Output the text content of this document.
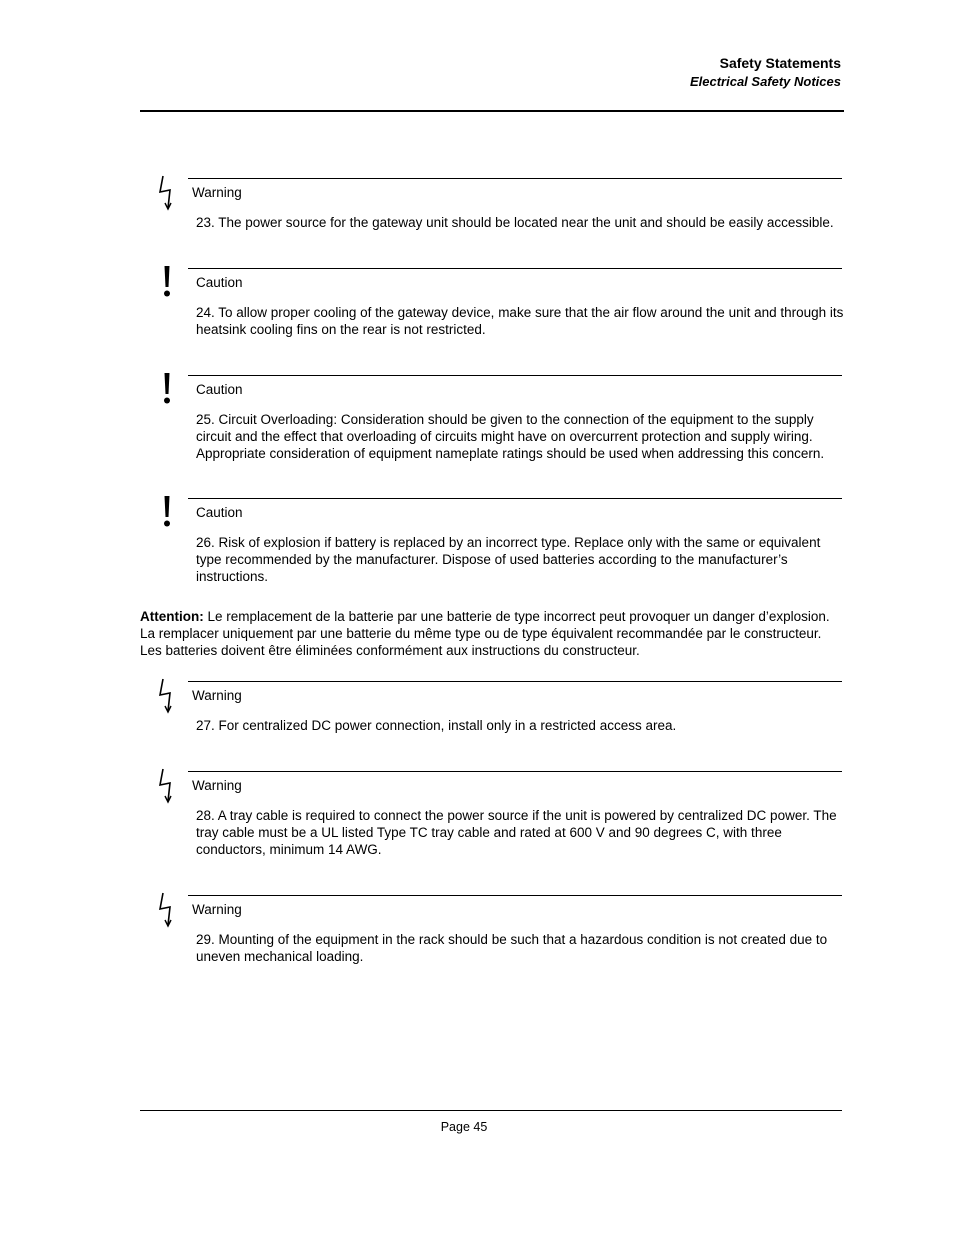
Safety Statements
Electrical Safety Notices
Warning
23. The power source for the gateway unit should be located near the unit and should be easily accessible.
Caution
24. To allow proper cooling of the gateway device, make sure that the air flow around the unit and through its heatsink cooling fins on the rear is not restricted.
Caution
25. Circuit Overloading: Consideration should be given to the connection of the equipment to the supply circuit and the effect that overloading of circuits might have on overcurrent protection and supply wiring. Appropriate consideration of equipment nameplate ratings should be used when addressing this concern.
Caution
26. Risk of explosion if battery is replaced by an incorrect type. Replace only with the same or equivalent type recommended by the manufacturer. Dispose of used batteries according to the manufacturer’s instructions.
Attention: Le remplacement de la batterie par une batterie de type incorrect peut provoquer un danger d’explosion. La remplacer uniquement par une batterie du même type ou de type équivalent recommandée par le constructeur. Les batteries doivent être éliminées conformément aux instructions du constructeur.
Warning
27. For centralized DC power connection, install only in a restricted access area.
Warning
28. A tray cable is required to connect the power source if the unit is powered by centralized DC power. The tray cable must be a UL listed Type TC tray cable and rated at 600 V and 90 degrees C, with three conductors, minimum 14 AWG.
Warning
29. Mounting of the equipment in the rack should be such that a hazardous condition is not created due to uneven mechanical loading.
Page 45
